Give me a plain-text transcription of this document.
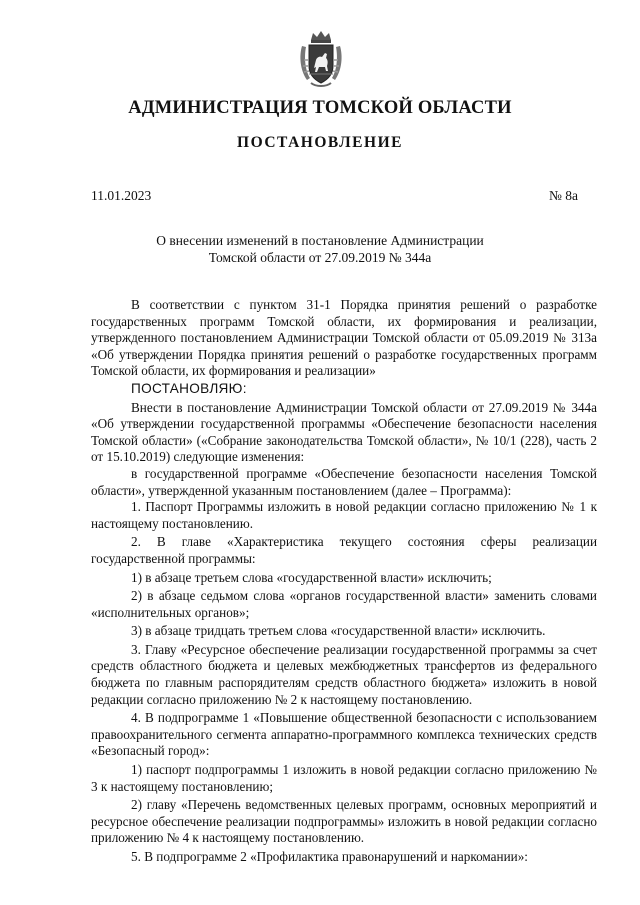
АДМИНИСТРАЦИЯ ТОМСКОЙ ОБЛАСТИ
ПОСТАНОВЛЕНИЕ
11.01.2023	№ 8а
О внесении изменений в постановление Администрации
Томской области от 27.09.2019 № 344а

В соответствии с пунктом 31-1 Порядка принятия решений о разработке государственных программ Томской области, их формирования и реализации, утвержденного постановлением Администрации Томской области от 05.09.2019 № 313а «Об утверждении Порядка принятия решений о разработке государственных программ Томской области, их формирования и реализации»

ПОСТАНОВЛЯЮ:

Внести в постановление Администрации Томской области от 27.09.2019 № 344а «Об утверждении государственной программы «Обеспечение безопасности населения Томской области» («Собрание законодательства Томской области», № 10/1 (228), часть 2 от 15.10.2019) следующие изменения:

в государственной программе «Обеспечение безопасности населения Томской области», утвержденной указанным постановлением (далее – Программа):

1. Паспорт Программы изложить в новой редакции согласно приложению № 1 к настоящему постановлению.

2. В главе «Характеристика текущего состояния сферы реализации государственной программы:

1) в абзаце третьем слова «государственной власти» исключить;

2) в абзаце седьмом слова «органов государственной власти» заменить словами «исполнительных органов»;

3) в абзаце тридцать третьем слова «государственной власти» исключить.

3. Главу «Ресурсное обеспечение реализации государственной программы за счет средств областного бюджета и целевых межбюджетных трансфертов из федерального бюджета по главным распорядителям средств областного бюджета» изложить в новой редакции согласно приложению № 2 к настоящему постановлению.

4. В подпрограмме 1 «Повышение общественной безопасности с использованием правоохранительного сегмента аппаратно-программного комплекса технических средств «Безопасный город»:

1) паспорт подпрограммы 1 изложить в новой редакции согласно приложению № 3 к настоящему постановлению;

2) главу «Перечень ведомственных целевых программ, основных мероприятий и ресурсное обеспечение реализации подпрограммы» изложить в новой редакции согласно приложению № 4 к настоящему постановлению.

5. В подпрограмме 2 «Профилактика правонарушений и наркомании»:
